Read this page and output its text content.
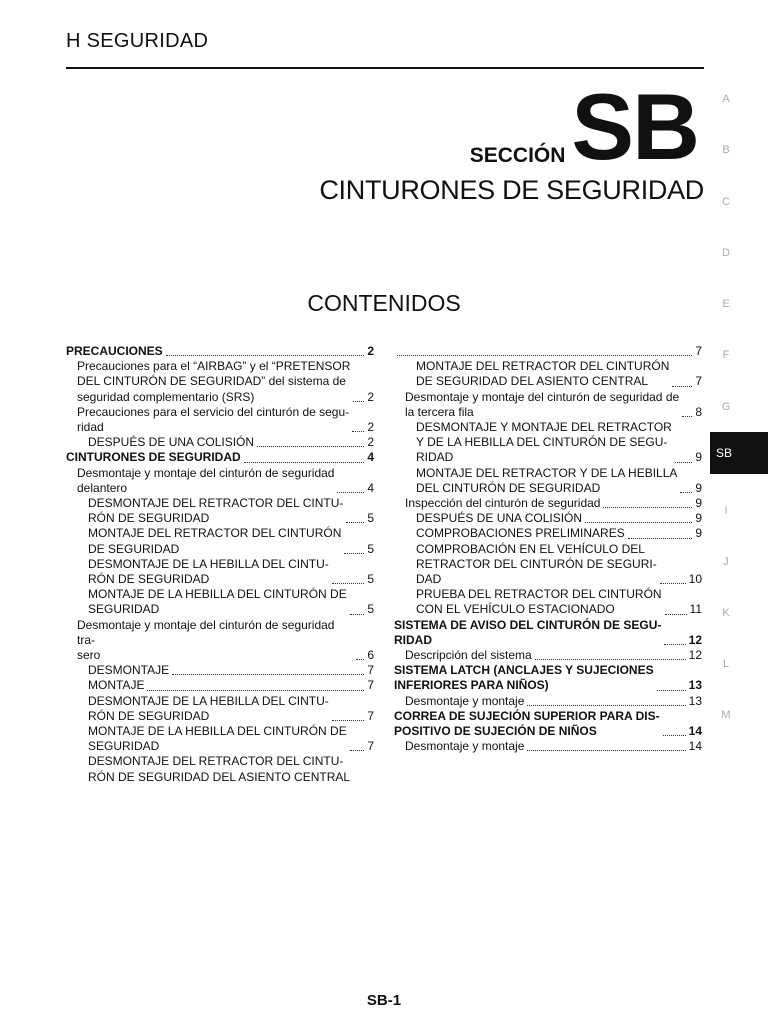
H SEGURIDAD
SECCIÓN SB
CINTURONES DE SEGURIDAD
CONTENIDOS
PRECAUCIONES	2
Precauciones para el “AIRBAG” y el “PRETENSOR
DEL CINTURÓN DE SEGURIDAD” del sistema de
seguridad complementario (SRS)	2
Precauciones para el servicio del cinturón de segu-
ridad	2
DESPUÉS DE UNA COLISIÓN	2
CINTURONES DE SEGURIDAD	4
Desmontaje y montaje del cinturón de seguridad
delantero	4
DESMONTAJE DEL RETRACTOR DEL CINTU-
RÓN DE SEGURIDAD	5
MONTAJE DEL RETRACTOR DEL CINTURÓN
DE SEGURIDAD	5
DESMONTAJE DE LA HEBILLA DEL CINTU-
RÓN DE SEGURIDAD	5
MONTAJE DE LA HEBILLA DEL CINTURÓN DE
SEGURIDAD	5
Desmontaje y montaje del cinturón de seguridad tra-
sero	6
DESMONTAJE	7
MONTAJE	7
DESMONTAJE DE LA HEBILLA DEL CINTU-
RÓN DE SEGURIDAD	7
MONTAJE DE LA HEBILLA DEL CINTURÓN DE
SEGURIDAD	7
DESMONTAJE DEL RETRACTOR DEL CINTU-
RÓN DE SEGURIDAD DEL ASIENTO CENTRAL
7
MONTAJE DEL RETRACTOR DEL CINTURÓN
DE SEGURIDAD DEL ASIENTO CENTRAL	7
Desmontaje y montaje del cinturón de seguridad de
la tercera fila	8
DESMONTAJE Y MONTAJE DEL RETRACTOR
Y DE LA HEBILLA DEL CINTURÓN DE SEGU-
RIDAD	9
MONTAJE DEL RETRACTOR Y DE LA HEBILLA
DEL CINTURÓN DE SEGURIDAD	9
Inspección del cinturón de seguridad	9
DESPUÉS DE UNA COLISIÓN	9
COMPROBACIONES PRELIMINARES	9
COMPROBACIÓN EN EL VEHÍCULO DEL
RETRACTOR DEL CINTURÓN DE SEGURI-
DAD	10
PRUEBA DEL RETRACTOR DEL CINTURÓN
CON EL VEHÍCULO ESTACIONADO	11
SISTEMA DE AVISO DEL CINTURÓN DE SEGU-
RIDAD	12
Descripción del sistema	12
SISTEMA LATCH (ANCLAJES Y SUJECIONES
INFERIORES PARA NIÑOS)	13
Desmontaje y montaje	13
CORREA DE SUJECIÓN SUPERIOR PARA DIS-
POSITIVO DE SUJECIÓN DE NIÑOS	14
Desmontaje y montaje	14
A
B
C
D
E
F
G
I
J
K
L
M
SB-1
SB
